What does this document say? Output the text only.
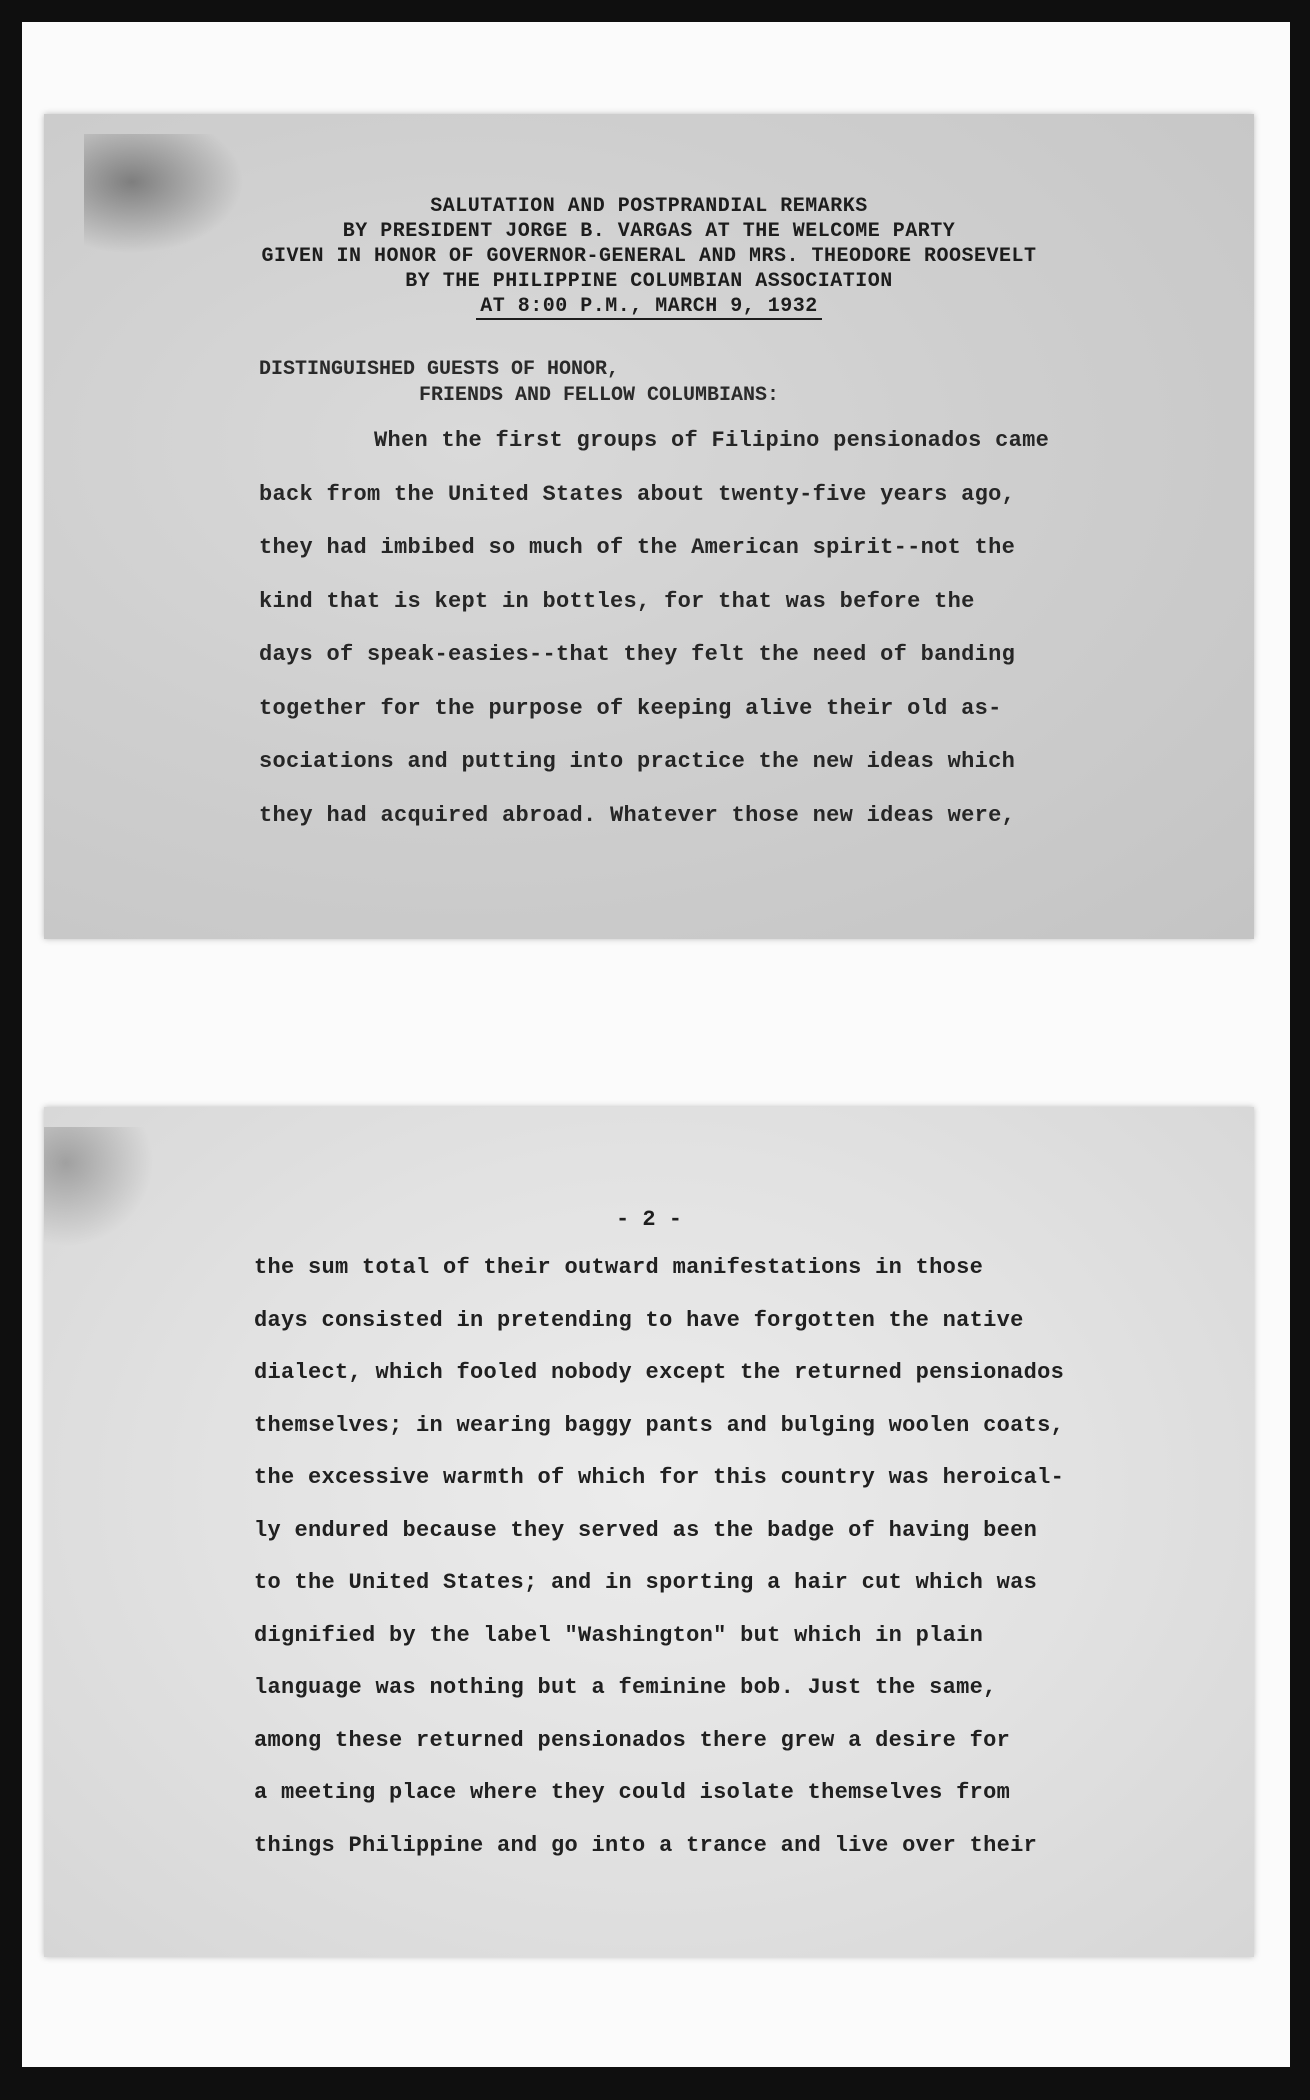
SALUTATION AND POSTPRANDIAL REMARKS
BY PRESIDENT JORGE B. VARGAS AT THE WELCOME PARTY
GIVEN IN HONOR OF GOVERNOR-GENERAL AND MRS. THEODORE ROOSEVELT
BY THE PHILIPPINE COLUMBIAN ASSOCIATION
AT 8:00 P.M., MARCH 9, 1932
DISTINGUISHED GUESTS OF HONOR,
FRIENDS AND FELLOW COLUMBIANS:
When the first groups of Filipino pensionados came
back from the United States about twenty-five years ago,
they had imbibed so much of the American spirit--not the
kind that is kept in bottles, for that was before the
days of speak-easies--that they felt the need of banding
together for the purpose of keeping alive their old as-
sociations and putting into practice the new ideas which
they had acquired abroad. Whatever those new ideas were,
- 2 -
the sum total of their outward manifestations in those
days consisted in pretending to have forgotten the native
dialect, which fooled nobody except the returned pensionados
themselves; in wearing baggy pants and bulging woolen coats,
the excessive warmth of which for this country was heroical-
ly endured because they served as the badge of having been
to the United States; and in sporting a hair cut which was
dignified by the label "Washington" but which in plain
language was nothing but a feminine bob. Just the same,
among these returned pensionados there grew a desire for
a meeting place where they could isolate themselves from
things Philippine and go into a trance and live over their
